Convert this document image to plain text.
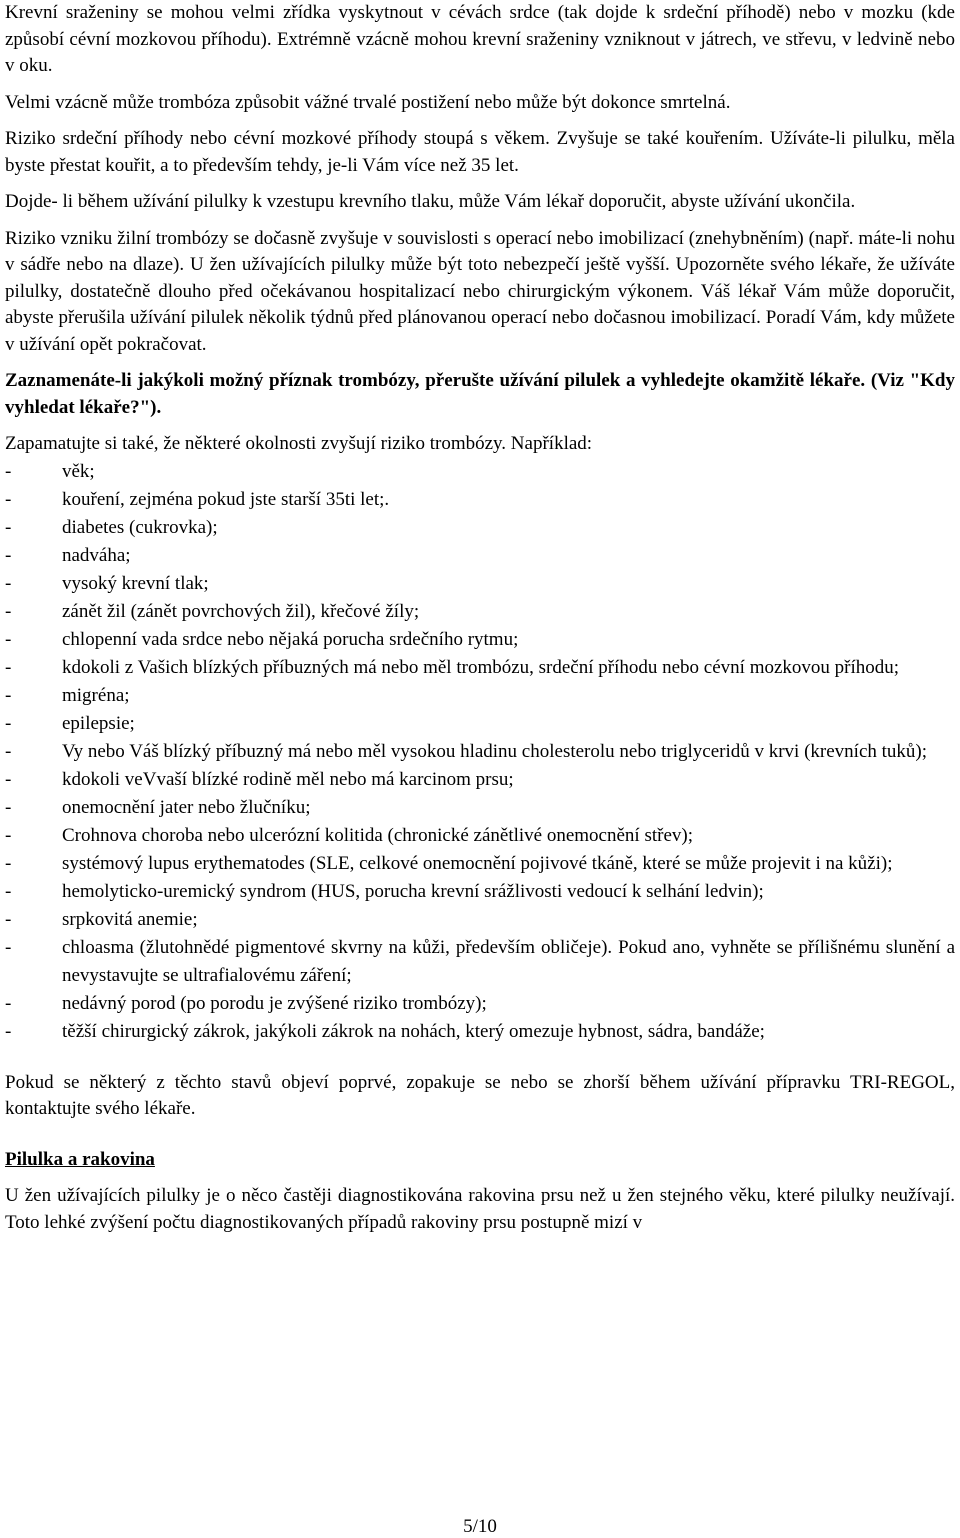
Krevní sraženiny se mohou velmi zřídka vyskytnout v cévách srdce (tak dojde k srdeční příhodě) nebo v mozku (kde způsobí cévní mozkovou příhodu). Extrémně vzácně mohou krevní sraženiny vzniknout v játrech, ve střevu, v ledvině nebo v oku.

Velmi vzácně může trombóza způsobit vážné trvalé postižení nebo může být dokonce smrtelná.

Riziko srdeční příhody nebo cévní mozkové příhody stoupá s věkem. Zvyšuje se také kouřením. Užíváte-li pilulku, měla byste přestat kouřit, a to především tehdy, je-li Vám více než 35 let.

Dojde- li během užívání pilulky k vzestupu krevního tlaku, může Vám lékař doporučit, abyste užívání ukončila.

Riziko vzniku žilní trombózy se dočasně zvyšuje v souvislosti s operací nebo imobilizací (znehybněním) (např. máte-li nohu v sádře nebo na dlaze). U žen užívajících pilulky může být toto nebezpečí ještě vyšší. Upozorněte svého lékaře, že užíváte pilulky, dostatečně dlouho před očekávanou hospitalizací nebo chirurgickým výkonem. Váš lékař Vám může doporučit, abyste přerušila užívání pilulek několik týdnů před plánovanou operací nebo dočasnou imobilizací. Poradí Vám, kdy můžete v užívání opět pokračovat.

Zaznamenáte-li jakýkoli možný příznak trombózy, přerušte užívání pilulek a vyhledejte okamžitě lékaře. (Viz "Kdy vyhledat lékaře?").

Zapamatujte si také, že některé okolnosti zvyšují riziko trombózy. Například:

-	věk;
-	kouření, zejména pokud jste starší 35ti let;.
-	diabetes (cukrovka);
-	nadváha;
-	vysoký krevní tlak;
-	zánět žil (zánět povrchových žil), křečové žíly;
-	chlopenní vada srdce nebo nějaká porucha srdečního rytmu;
-	kdokoli z Vašich blízkých příbuzných má nebo měl trombózu, srdeční příhodu nebo cévní mozkovou příhodu;
-	migréna;
-	epilepsie;
-	Vy nebo Váš blízký příbuzný má nebo měl vysokou hladinu cholesterolu nebo triglyceridů v krvi (krevních tuků);
-	kdokoli veVvaší blízké rodině měl nebo má karcinom prsu;
-	onemocnění jater nebo žlučníku;
-	Crohnova choroba nebo ulcerózní kolitida (chronické zánětlivé onemocnění střev);
-	systémový lupus erythematodes (SLE, celkové onemocnění pojivové tkáně, které se může projevit i na kůži);
-	hemolyticko-uremický syndrom (HUS, porucha krevní srážlivosti vedoucí k selhání ledvin);
-	srpkovitá anemie;
-	chloasma (žlutohnědé pigmentové skvrny na kůži, především obličeje). Pokud ano, vyhněte se přílišnému slunění a nevystavujte se ultrafialovému záření;
-	nedávný porod (po porodu je zvýšené riziko trombózy);
-	těžší chirurgický zákrok, jakýkoli zákrok na nohách, který omezuje hybnost, sádra, bandáže;

Pokud se některý z těchto stavů objeví poprvé, zopakuje se nebo se zhorší během užívání přípravku TRI-REGOL, kontaktujte svého lékaře.

Pilulka a rakovina

U žen užívajících pilulky je o něco častěji diagnostikována rakovina prsu než u žen stejného věku, které pilulky neužívají. Toto lehké zvýšení počtu diagnostikovaných případů rakoviny prsu postupně mizí v

5/10
